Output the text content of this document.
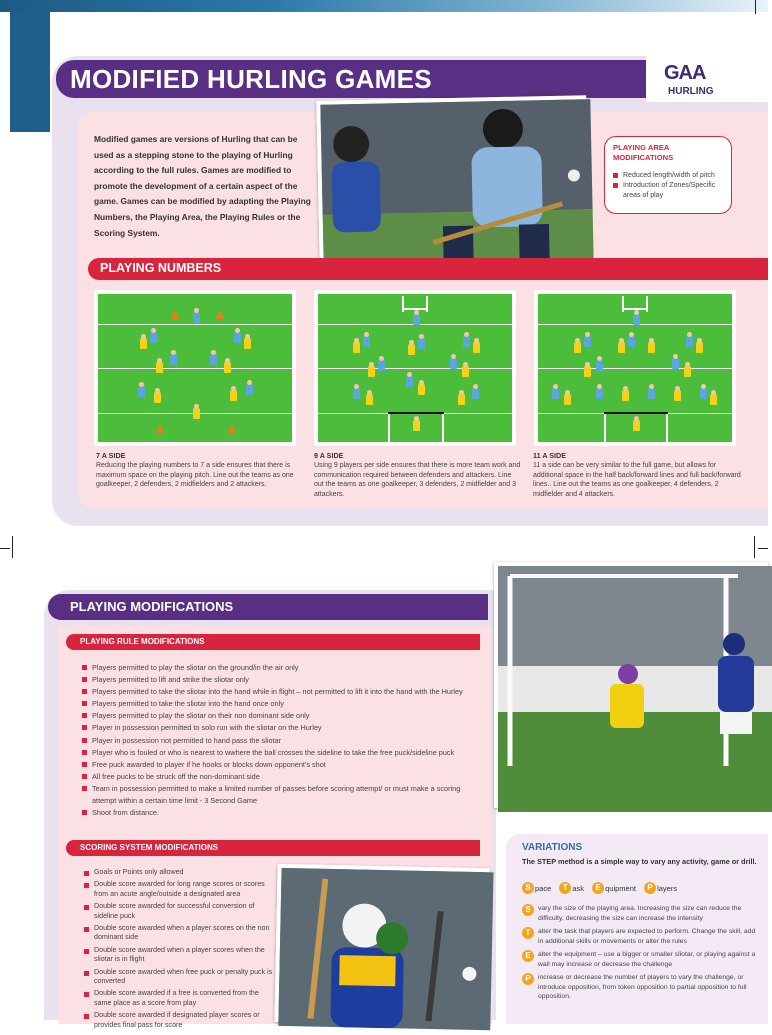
MODIFIED HURLING GAMES	GAA
HURLING

Modified games are versions of Hurling that can be used as a stepping stone to the playing of Hurling according to the full rules. Games are modified to promote the development of a certain aspect of the game. Games can be modified by adapting the Playing Numbers, the Playing Area, the Playing Rules or the Scoring System.

PLAYING AREA MODIFICATIONS
Reduced length/width of pitch
Introduction of Zones/Specific areas of play
PLAYING NUMBERS
7 A SIDE
Reducing the playing numbers to 7 a side ensures that there is maximum space on the playing pitch. Line out the teams as one goalkeeper, 2 defenders, 2 midfielders and 2 attackers.
9 A SIDE
Using 9 players per side ensures that there is more team work and communication required between defenders and attackers. Line out the teams as one goalkeeper, 3 defenders, 2 midfielder and 3 attackers.
11 A SIDE
11 a side can be very similar to the full game, but allows for additional space in the half back/forward lines and full back/forward lines.. Line out the teams as one goalkeeper, 4 defenders, 2 midfielder and 4 attackers.
PLAYING MODIFICATIONS
PLAYING RULE MODIFICATIONS
Players permitted to play the sliotar on the ground/in the air only
Players permitted to lift and strike the sliotar only
Players permitted to take the sliotar into the hand while in flight – not permitted to lift it into the hand with the Hurley
Players permitted to take the sliotar into the hand once only
Players permitted to play the sliotar on their non dominant side only
Player in possession permitted to solo run with the sliotar on the Hurley
Player in possession not permitted to hand pass the sliotar
Player who is fouled or who is nearest to wwhere the ball crosses the sideline to take the free puck/sideline puck
Free puck awarded to player if he hooks or blocks down opponent's shot
All free pucks to be struck off the non-dominant side
Team in possession permitted to make a limited number of passes before scoring attempt/ or must make a scoring attempt within a certain time limit - 3 Second Game
Shoot from distance.
SCORING SYSTEM MODIFICATIONS
Goals or Points only allowed
Double score awarded for long range scores or scores from an acute angle/outside a designated area
Double score awarded for successful conversion of sideline puck
Double score awarded when a player scores on the non dominant side
Double score awarded when a player scores when the sliotar is in flight
Double score awarded when free puck or penalty puck is converted
Double score awarded if a free is converted from the same place as a score from play
Double score awarded if designated player scores or provides final pass for score
VARIATIONS
The STEP method is a simple way to vary any activity, game or drill.
S pace T ask E quipment P layers
S	vary the size of the playing area. Increasing the size can reduce the difficulty, decreasing the size can increase the intensity
T	alter the task that players are expected to perform. Change the skill, add in additional skills or movements or alter the rules
E	alter the equipment – use a bigger or smaller sliotar, or playing against a wall may increase or decrease the challenge
P	increase or decrease the number of players to vary the challenge, or introduce opposition, from token opposition to partial opposition to full opposition.
